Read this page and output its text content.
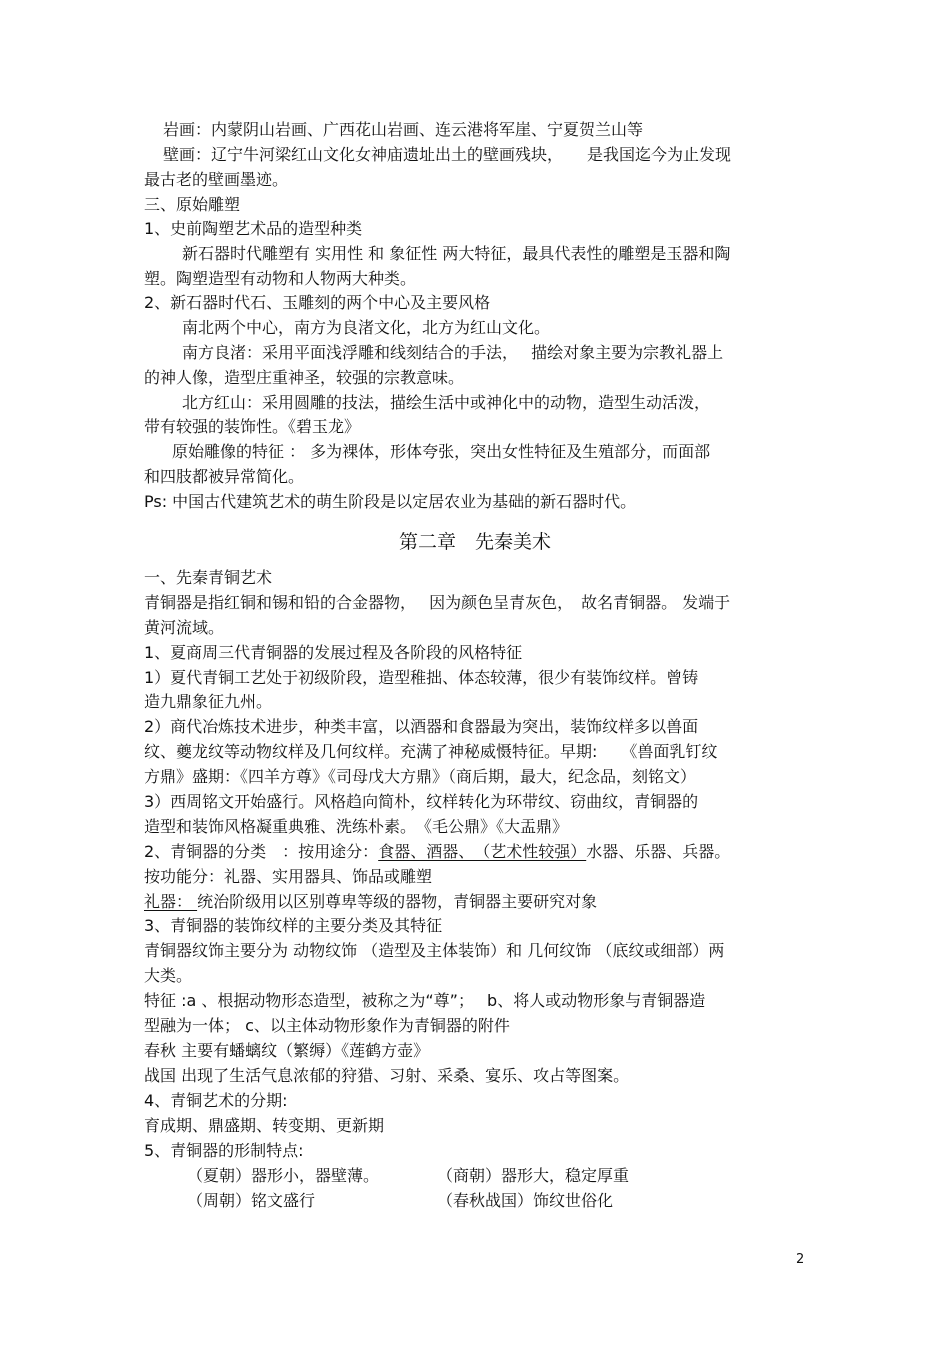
岩画：内蒙阴山岩画、广西花山岩画、连云港将军崖、宁夏贺兰山等
壁画：辽宁牛河梁红山文化女神庙遗址出土的壁画残块，　　是我国迄今为止发现
最古老的壁画墨迹。
三、原始雕塑
1、史前陶塑艺术品的造型种类
新石器时代雕塑有 实用性 和 象征性 两大特征，最具代表性的雕塑是玉器和陶
塑。陶塑造型有动物和人物两大种类。
2、新石器时代石、玉雕刻的两个中心及主要风格
南北两个中心，南方为良渚文化，北方为红山文化。
南方良渚：采用平面浅浮雕和线刻结合的手法，　 描绘对象主要为宗教礼器上
的神人像，造型庄重神圣，较强的宗教意味。
北方红山：采用圆雕的技法，描绘生活中或神化中的动物，造型生动活泼，
带有较强的装饰性。《碧玉龙》
原始雕像的特征 ： 多为裸体，形体夸张，突出女性特征及生殖部分，而面部
和四肢都被异常简化。
Ps: 中国古代建筑艺术的萌生阶段是以定居农业为基础的新石器时代。
第二章　先秦美术
一、先秦青铜艺术
青铜器是指红铜和锡和铅的合金器物，　 因为颜色呈青灰色，　故名青铜器。 发端于
黄河流域。
1、夏商周三代青铜器的发展过程及各阶段的风格特征
1）夏代青铜工艺处于初级阶段，造型稚拙、体态较薄，很少有装饰纹样。曾铸
造九鼎象征九州。
2）商代冶炼技术进步，种类丰富，以酒器和食器最为突出，装饰纹样多以兽面
纹、夔龙纹等动物纹样及几何纹样。充满了神秘威慑特征。早期:　　《兽面乳钉纹
方鼎》盛期：《四羊方尊》《司母戊大方鼎》（商后期，最大，纪念品，刻铭文）
3）西周铭文开始盛行。风格趋向简朴，纹样转化为环带纹、窃曲纹，青铜器的
造型和装饰风格凝重典雅、洗练朴素。　《毛公鼎》《大盂鼎》
2、青铜器的分类　：按用途分：食器、酒器、　（艺术性较强）水器、乐器、兵器。
按功能分：礼器、实用器具、饰品或雕塑
礼器： 统治阶级用以区别尊卑等级的器物，青铜器主要研究对象
3、青铜器的装饰纹样的主要分类及其特征
青铜器纹饰主要分为 动物纹饰 （造型及主体装饰）和 几何纹饰 （底纹或细部）两
大类。
特征 :a 、根据动物形态造型，被称之为“尊”；　 b、将人或动物形象与青铜器造
型融为一体； c、以主体动物形象作为青铜器的附件
春秋 主要有蟠螭纹（繁缛）《莲鹤方壶》
战国 出现了生活气息浓郁的狩猎、习射、采桑、宴乐、攻占等图案。
4、青铜艺术的分期:
育成期、鼎盛期、转变期、更新期
5、青铜器的形制特点:
（夏朝）器形小，器壁薄。	（商朝）器形大，稳定厚重
（周朝）铭文盛行	（春秋战国）饰纹世俗化
2
